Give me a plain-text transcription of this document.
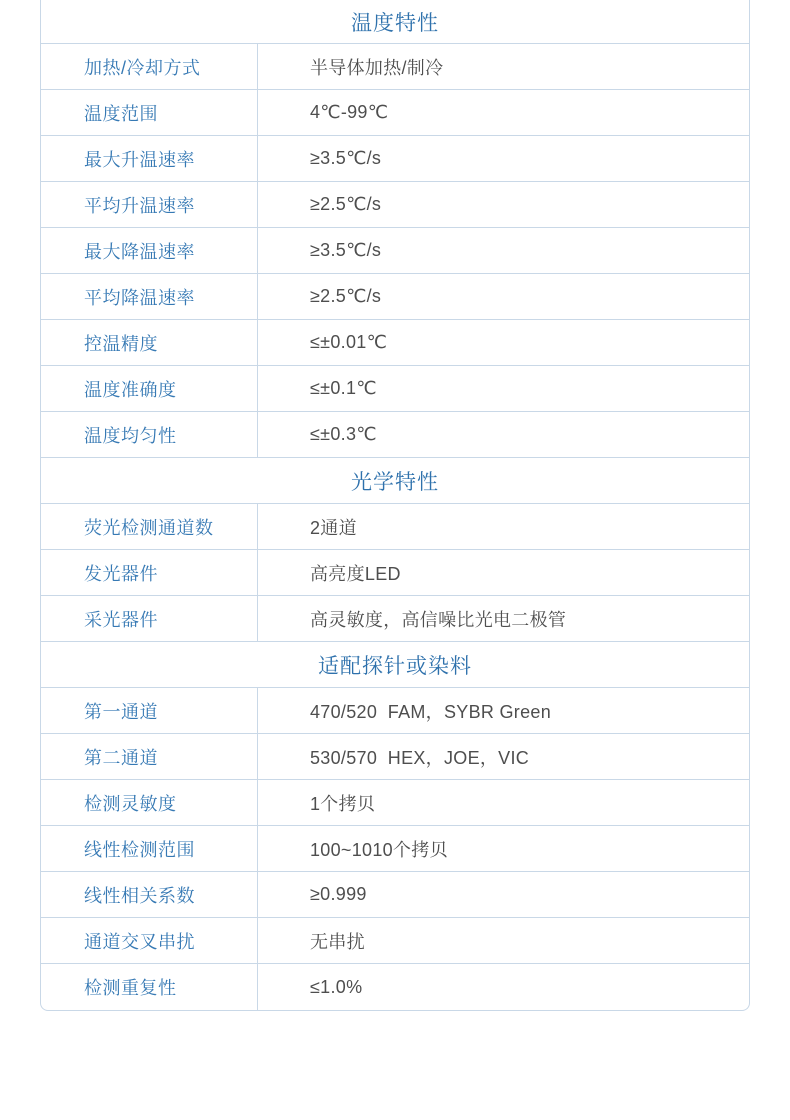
温度特性
加热/冷却方式	半导体加热/制冷
温度范围	4℃-99℃
最大升温速率	≥3.5℃/s
平均升温速率	≥2.5℃/s
最大降温速率	≥3.5℃/s
平均降温速率	≥2.5℃/s
控温精度	≤±0.01℃
温度准确度	≤±0.1℃
温度均匀性	≤±0.3℃
光学特性
荧光检测通道数	2通道
发光器件	高亮度LED
采光器件	高灵敏度，高信噪比光电二极管
适配探针或染料
第一通道	470/520  FAM，SYBR Green
第二通道	530/570  HEX，JOE，VIC
检测灵敏度	1个拷贝
线性检测范围	100~1010个拷贝
线性相关系数	≥0.999
通道交叉串扰	无串扰
检测重复性	≤1.0%
